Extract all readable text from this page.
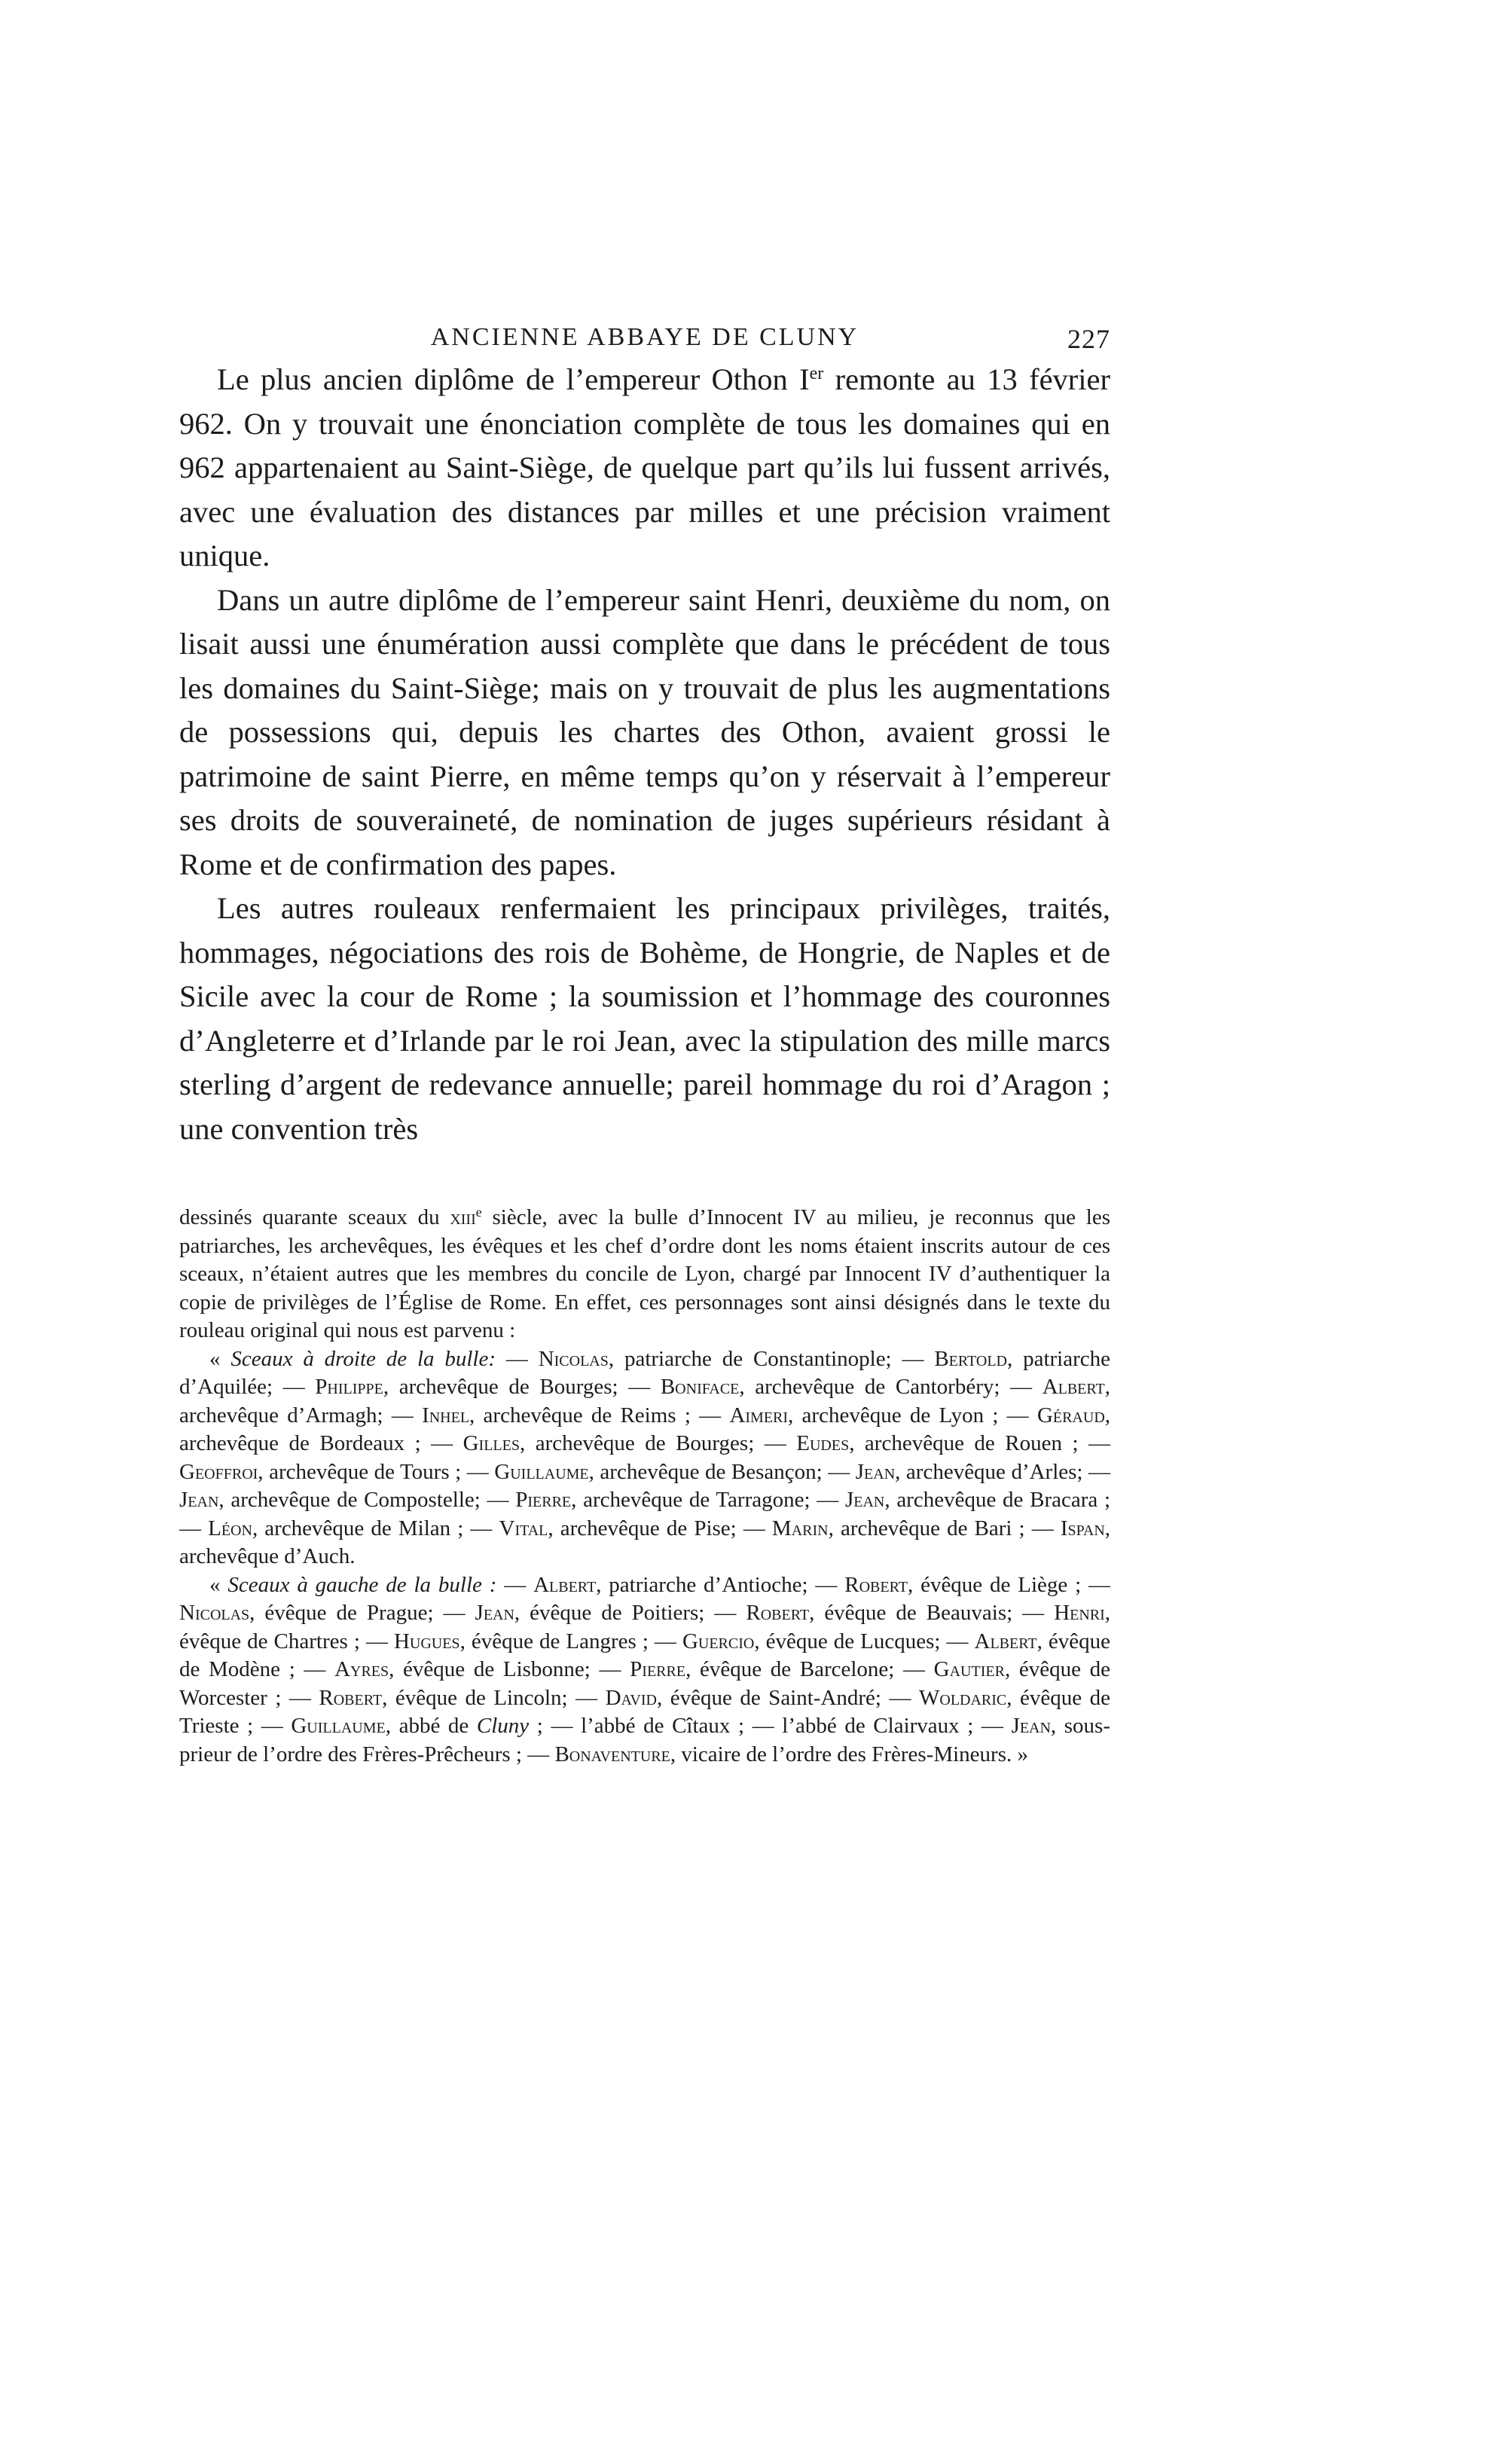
ANCIENNE ABBAYE DE CLUNY	227

Le plus ancien diplôme de l’empereur Othon Ier remonte au 13 février 962. On y trouvait une énonciation complète de tous les domaines qui en 962 appartenaient au Saint-Siège, de quelque part qu’ils lui fussent arrivés, avec une évaluation des distances par milles et une précision vraiment unique.

Dans un autre diplôme de l’empereur saint Henri, deuxième du nom, on lisait aussi une énumération aussi complète que dans le précédent de tous les domaines du Saint-Siège; mais on y trouvait de plus les augmentations de possessions qui, depuis les chartes des Othon, avaient grossi le patrimoine de saint Pierre, en même temps qu’on y réservait à l’empereur ses droits de souveraineté, de nomination de juges supérieurs résidant à Rome et de confirmation des papes.

Les autres rouleaux renfermaient les principaux privilèges, traités, hommages, négociations des rois de Bohème, de Hongrie, de Naples et de Sicile avec la cour de Rome ; la soumission et l’hommage des couronnes d’Angleterre et d’Irlande par le roi Jean, avec la stipulation des mille marcs sterling d’argent de redevance annuelle; pareil hommage du roi d’Aragon ; une convention très

dessinés quarante sceaux du xiii$^e$ siècle, avec la bulle d’Innocent IV au milieu, je reconnus que les patriarches, les archevêques, les évêques et les chef d’ordre dont les noms étaient inscrits autour de ces sceaux, n’étaient autres que les membres du concile de Lyon, chargé par Innocent IV d’authentiquer la copie de privilèges de l’Église de Rome. En effet, ces personnages sont ainsi désignés dans le texte du rouleau original qui nous est parvenu :

« Sceaux à droite de la bulle: — Nicolas, patriarche de Constantinople; — Bertold, patriarche d’Aquilée; — Philippe, archevêque de Bourges; — Boniface, archevêque de Cantorbéry; — Albert, archevêque d’Armagh; — Inhel, archevêque de Reims ; — Aimeri, archevêque de Lyon ; — Géraud, archevêque de Bordeaux ; — Gilles, archevêque de Bourges; — Eudes, archevêque de Rouen ; — Geoffroi, archevêque de Tours ; — Guillaume, archevêque de Besançon; — Jean, archevêque d’Arles; — Jean, archevêque de Compostelle; — Pierre, archevêque de Tarragone; — Jean, archevêque de Bracara ; — Léon, archevêque de Milan ; — Vital, archevêque de Pise; — Marin, archevêque de Bari ; — Ispan, archevêque d’Auch.

« Sceaux à gauche de la bulle : — Albert, patriarche d’Antioche; — Robert, évêque de Liège ; — Nicolas, évêque de Prague; — Jean, évêque de Poitiers; — Robert, évêque de Beauvais; — Henri, évêque de Chartres ; — Hugues, évêque de Langres ; — Guercio, évêque de Lucques; — Albert, évêque de Modène ; — Ayres, évêque de Lisbonne; — Pierre, évêque de Barcelone; — Gautier, évêque de Worcester ; — Robert, évêque de Lincoln; — David, évêque de Saint-André; — Woldaric, évêque de Trieste ; — Guillaume, abbé de Cluny ; — l’abbé de Cîtaux ; — l’abbé de Clairvaux ; — Jean, sous-prieur de l’ordre des Frères-Prêcheurs ; — Bonaventure, vicaire de l’ordre des Frères-Mineurs. »
